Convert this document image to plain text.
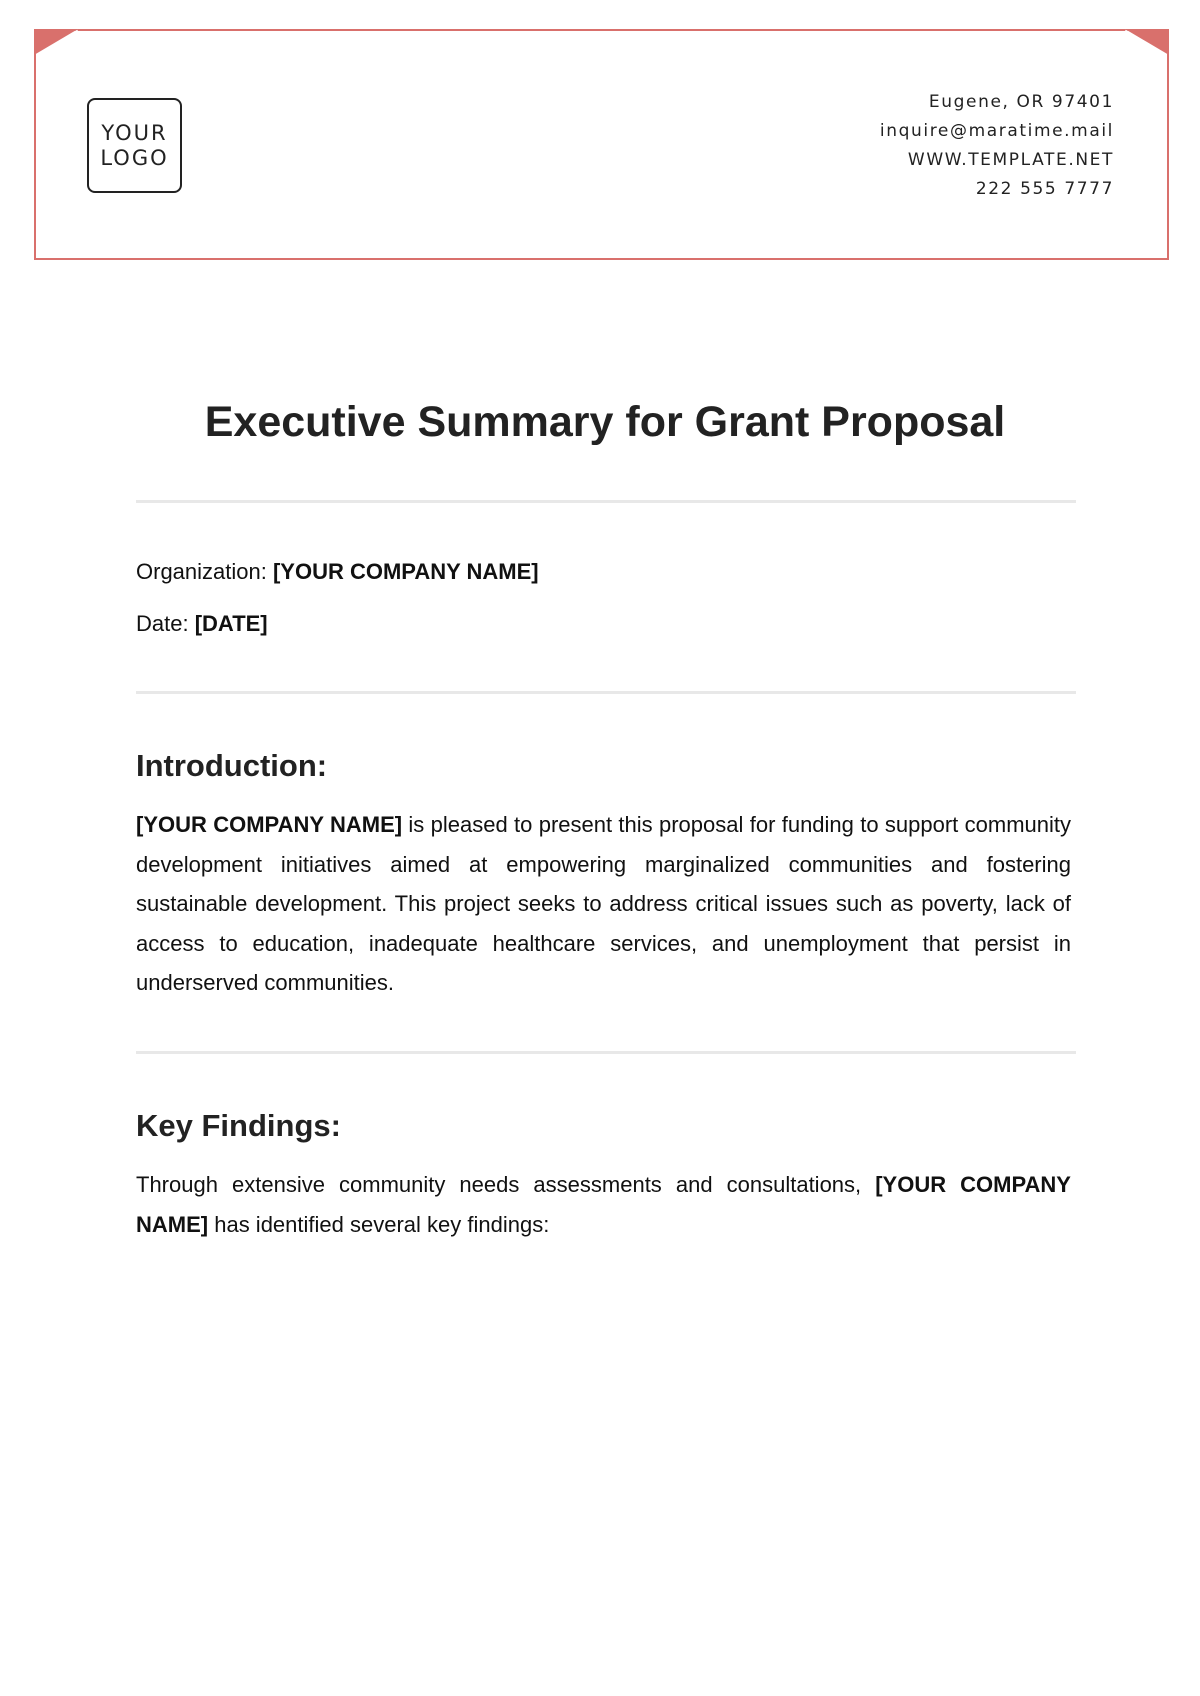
YOUR
LOGO
Eugene, OR 97401
inquire@maratime.mail
WWW.TEMPLATE.NET
222 555 7777
Executive Summary for Grant Proposal
Organization: [YOUR COMPANY NAME]
Date: [DATE]
Introduction:

[YOUR COMPANY NAME] is pleased to present this proposal for funding to support community development initiatives aimed at empowering marginalized communities and fostering sustainable development. This project seeks to address critical issues such as poverty, lack of access to education, inadequate healthcare services, and unemployment that persist in underserved communities.

Key Findings:

Through extensive community needs assessments and consultations, [YOUR COMPANY NAME] has identified several key findings:
